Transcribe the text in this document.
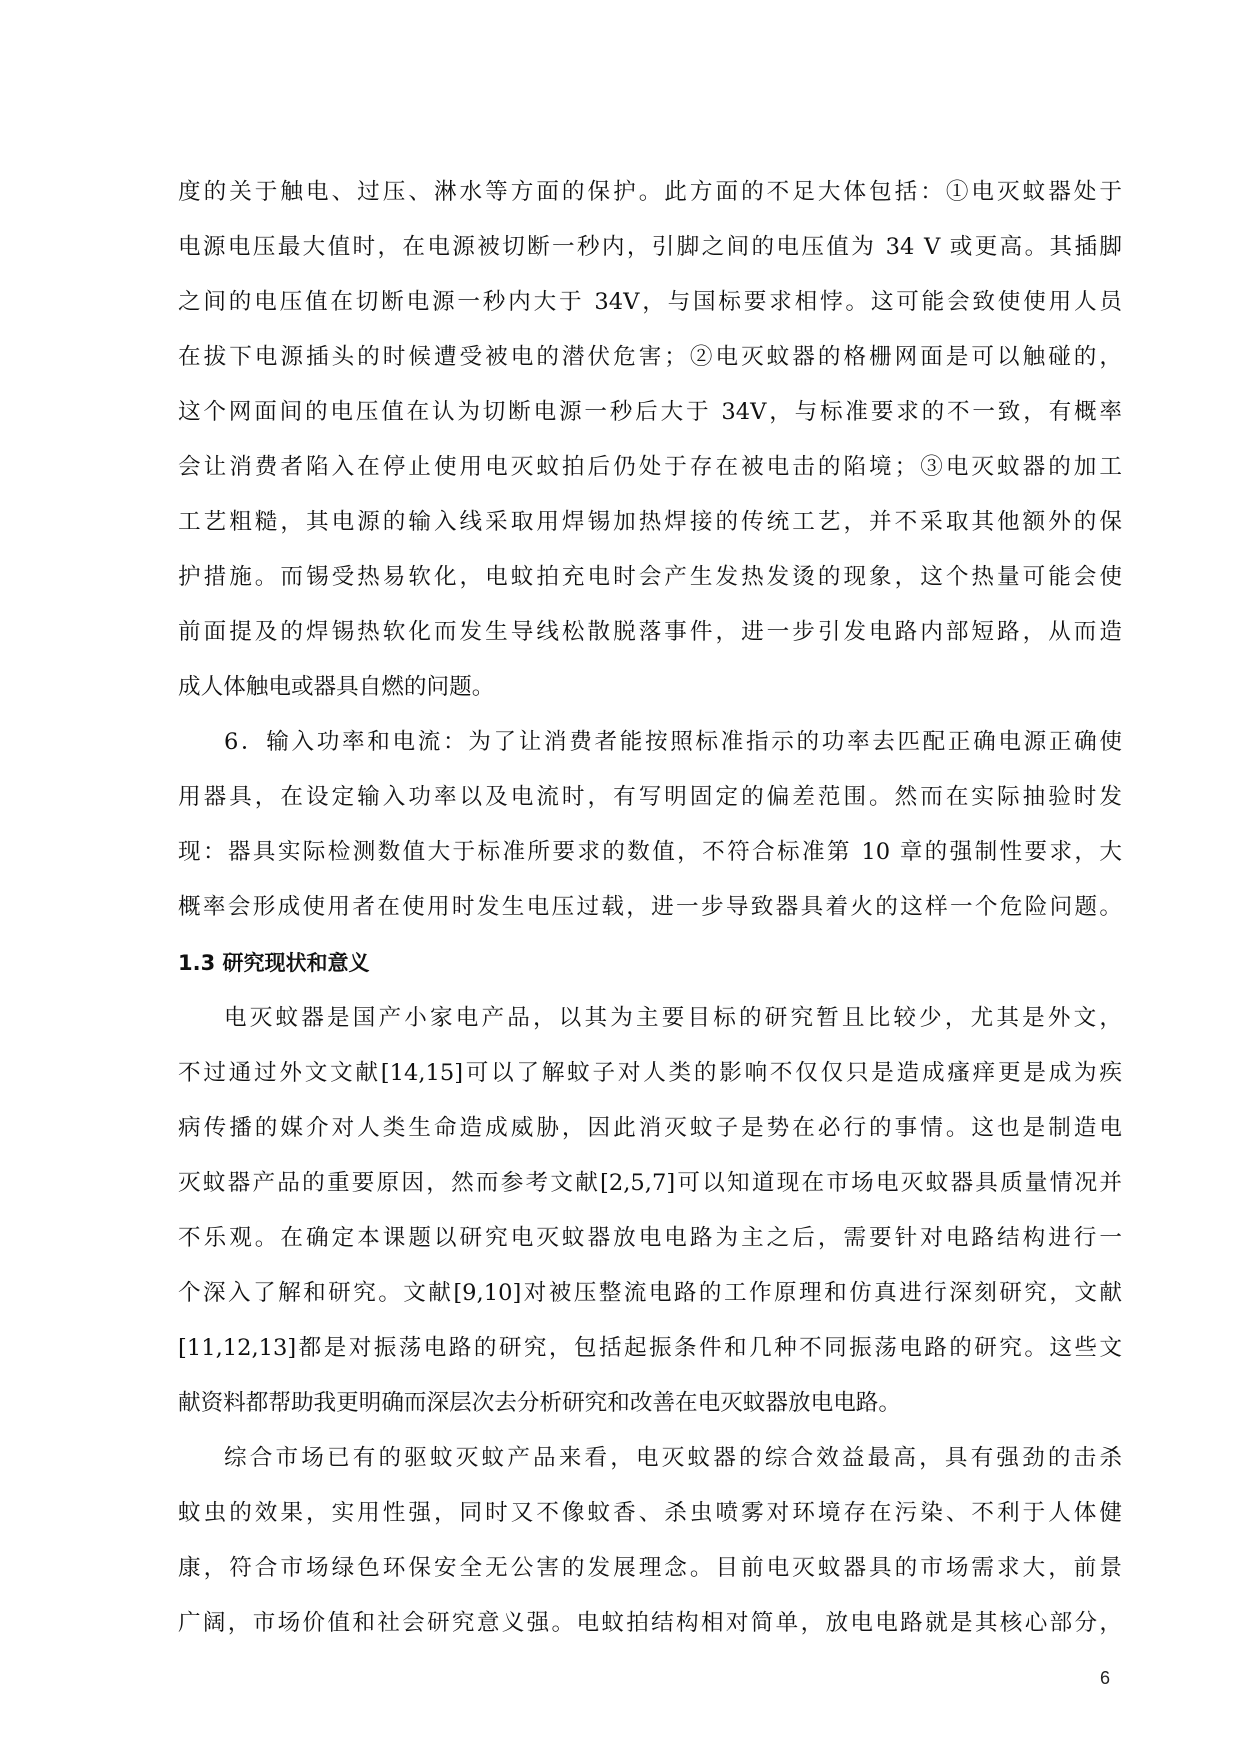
度的关于触电、过压、淋水等方面的保护。此方面的不足大体包括：①电灭蚊器处于
电源电压最大值时，在电源被切断一秒内，引脚之间的电压值为 34 V 或更高。其插脚
之间的电压值在切断电源一秒内大于 34V，与国标要求相悖。这可能会致使使用人员
在拔下电源插头的时候遭受被电的潜伏危害；②电灭蚊器的格栅网面是可以触碰的，
这个网面间的电压值在认为切断电源一秒后大于 34V，与标准要求的不一致，有概率
会让消费者陷入在停止使用电灭蚊拍后仍处于存在被电击的陷境；③电灭蚊器的加工
工艺粗糙，其电源的输入线采取用焊锡加热焊接的传统工艺，并不采取其他额外的保
护措施。而锡受热易软化，电蚊拍充电时会产生发热发烫的现象，这个热量可能会使
前面提及的焊锡热软化而发生导线松散脱落事件，进一步引发电路内部短路，从而造
成人体触电或器具自燃的问题。
6．输入功率和电流：为了让消费者能按照标准指示的功率去匹配正确电源正确使
用器具，在设定输入功率以及电流时，有写明固定的偏差范围。然而在实际抽验时发
现：器具实际检测数值大于标准所要求的数值，不符合标准第 10 章的强制性要求，大
概率会形成使用者在使用时发生电压过载，进一步导致器具着火的这样一个危险问题。
1.3 研究现状和意义
电灭蚊器是国产小家电产品，以其为主要目标的研究暂且比较少，尤其是外文，
不过通过外文文献[14,15]可以了解蚊子对人类的影响不仅仅只是造成瘙痒更是成为疾
病传播的媒介对人类生命造成威胁，因此消灭蚊子是势在必行的事情。这也是制造电
灭蚊器产品的重要原因，然而参考文献[2,5,7]可以知道现在市场电灭蚊器具质量情况并
不乐观。在确定本课题以研究电灭蚊器放电电路为主之后，需要针对电路结构进行一
个深入了解和研究。文献[9,10]对被压整流电路的工作原理和仿真进行深刻研究，文献
[11,12,13]都是对振荡电路的研究，包括起振条件和几种不同振荡电路的研究。这些文
献资料都帮助我更明确而深层次去分析研究和改善在电灭蚊器放电电路。
综合市场已有的驱蚊灭蚊产品来看，电灭蚊器的综合效益最高，具有强劲的击杀
蚊虫的效果，实用性强，同时又不像蚊香、杀虫喷雾对环境存在污染、不利于人体健
康，符合市场绿色环保安全无公害的发展理念。目前电灭蚊器具的市场需求大，前景
广阔，市场价值和社会研究意义强。电蚊拍结构相对简单，放电电路就是其核心部分，
6
